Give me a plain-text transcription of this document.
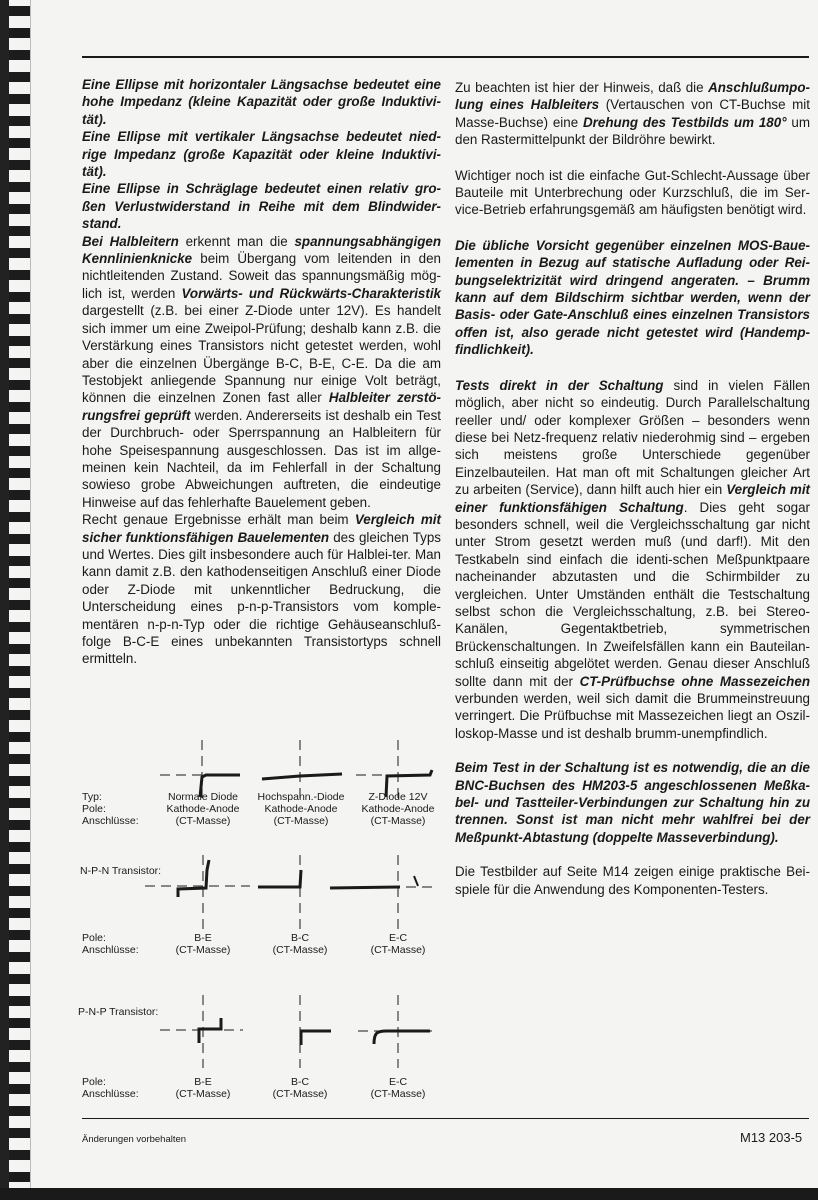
Eine Ellipse mit horizontaler Längsachse bedeutet eine hohe Impedanz (kleine Kapazität oder große Induktivi-tät).

Eine Ellipse mit vertikaler Längsachse bedeutet nied-rige Impedanz (große Kapazität oder kleine Induktivi-tät).

Eine Ellipse in Schräglage bedeutet einen relativ gro-ßen Verlustwiderstand in Reihe mit dem Blindwider-stand.

Bei Halbleitern erkennt man die spannungsabhängigen Kennlinienknicke beim Übergang vom leitenden in den nichtleitenden Zustand. Soweit das spannungsmäßig mög-lich ist, werden Vorwärts- und Rückwärts-Charakteristik dargestellt (z.B. bei einer Z-Diode unter 12V). Es handelt sich immer um eine Zweipol-Prüfung; deshalb kann z.B. die Verstärkung eines Transistors nicht getestet werden, wohl aber die einzelnen Übergänge B-C, B-E, C-E. Da die am Testobjekt anliegende Spannung nur einige Volt beträgt, können die einzelnen Zonen fast aller Halbleiter zerstö-rungsfrei geprüft werden. Andererseits ist deshalb ein Test der Durchbruch- oder Sperrspannung an Halbleitern für hohe Speisespannung ausgeschlossen. Das ist im allge-meinen kein Nachteil, da im Fehlerfall in der Schaltung sowieso grobe Abweichungen auftreten, die eindeutige Hinweise auf das fehlerhafte Bauelement geben.

Recht genaue Ergebnisse erhält man beim Vergleich mit sicher funktionsfähigen Bauelementen des gleichen Typs und Wertes. Dies gilt insbesondere auch für Halblei-ter. Man kann damit z.B. den kathodenseitigen Anschluß einer Diode oder Z-Diode mit unkenntlicher Bedruckung, die Unterscheidung eines p-n-p-Transistors vom komple-mentären n-p-n-Typ oder die richtige Gehäuseanschluß-folge B-C-E eines unbekannten Transistortyps schnell ermitteln.

Zu beachten ist hier der Hinweis, daß die Anschlußumpo-lung eines Halbleiters (Vertauschen von CT-Buchse mit Masse-Buchse) eine Drehung des Testbilds um 180° um den Rastermittelpunkt der Bildröhre bewirkt.

Wichtiger noch ist die einfache Gut-Schlecht-Aussage über Bauteile mit Unterbrechung oder Kurzschluß, die im Ser-vice-Betrieb erfahrungsgemäß am häufigsten benötigt wird.

Die übliche Vorsicht gegenüber einzelnen MOS-Baue-lementen in Bezug auf statische Aufladung oder Rei-bungselektrizität wird dringend angeraten. – Brumm kann auf dem Bildschirm sichtbar werden, wenn der Basis- oder Gate-Anschluß eines einzelnen Transistors offen ist, also gerade nicht getestet wird (Handemp-findlichkeit).

Tests direkt in der Schaltung sind in vielen Fällen möglich, aber nicht so eindeutig. Durch Parallelschaltung reeller und/ oder komplexer Größen – besonders wenn diese bei Netz-frequenz relativ niederohmig sind – ergeben sich meistens große Unterschiede gegenüber Einzelbauteilen. Hat man oft mit Schaltungen gleicher Art zu arbeiten (Service), dann hilft auch hier ein Vergleich mit einer funktionsfähigen Schaltung. Dies geht sogar besonders schnell, weil die Vergleichsschaltung gar nicht unter Strom gesetzt werden muß (und darf!). Mit den Testkabeln sind einfach die identi-schen Meßpunktpaare nacheinander abzutasten und die Schirmbilder zu vergleichen. Unter Umständen enthält die Testschaltung selbst schon die Vergleichsschaltung, z.B. bei Stereo-Kanälen, Gegentaktbetrieb, symmetrischen Brückenschaltungen. In Zweifelsfällen kann ein Bauteilan-schluß einseitig abgelötet werden. Genau dieser Anschluß sollte dann mit der CT-Prüfbuchse ohne Massezeichen verbunden werden, weil sich damit die Brummeinstreuung verringert. Die Prüfbuchse mit Massezeichen liegt an Oszil-loskop-Masse und ist deshalb brumm-unempfindlich.

Beim Test in der Schaltung ist es notwendig, die an die BNC-Buchsen des HM203-5 angeschlossenen Meßka-bel- und Tastteiler-Verbindungen zur Schaltung hin zu trennen. Sonst ist man nicht mehr wahlfrei bei der Meßpunkt-Abtastung (doppelte Masseverbindung).

Die Testbilder auf Seite M14 zeigen einige praktische Bei-spiele für die Anwendung des Komponenten-Testers.

Typ:
Pole:
Anschlüsse:
Normale Diode
Kathode-Anode
(CT-Masse)
Hochspann.-Diode
Kathode-Anode
(CT-Masse)
Z-Diode 12V
Kathode-Anode
(CT-Masse)
N-P-N Transistor:
Pole:
Anschlüsse:
B-E
(CT-Masse)
B-C
(CT-Masse)
E-C
(CT-Masse)
P-N-P Transistor:
Pole:
Anschlüsse:
B-E
(CT-Masse)
B-C
(CT-Masse)
E-C
(CT-Masse)
Änderungen vorbehalten	M13 203-5
